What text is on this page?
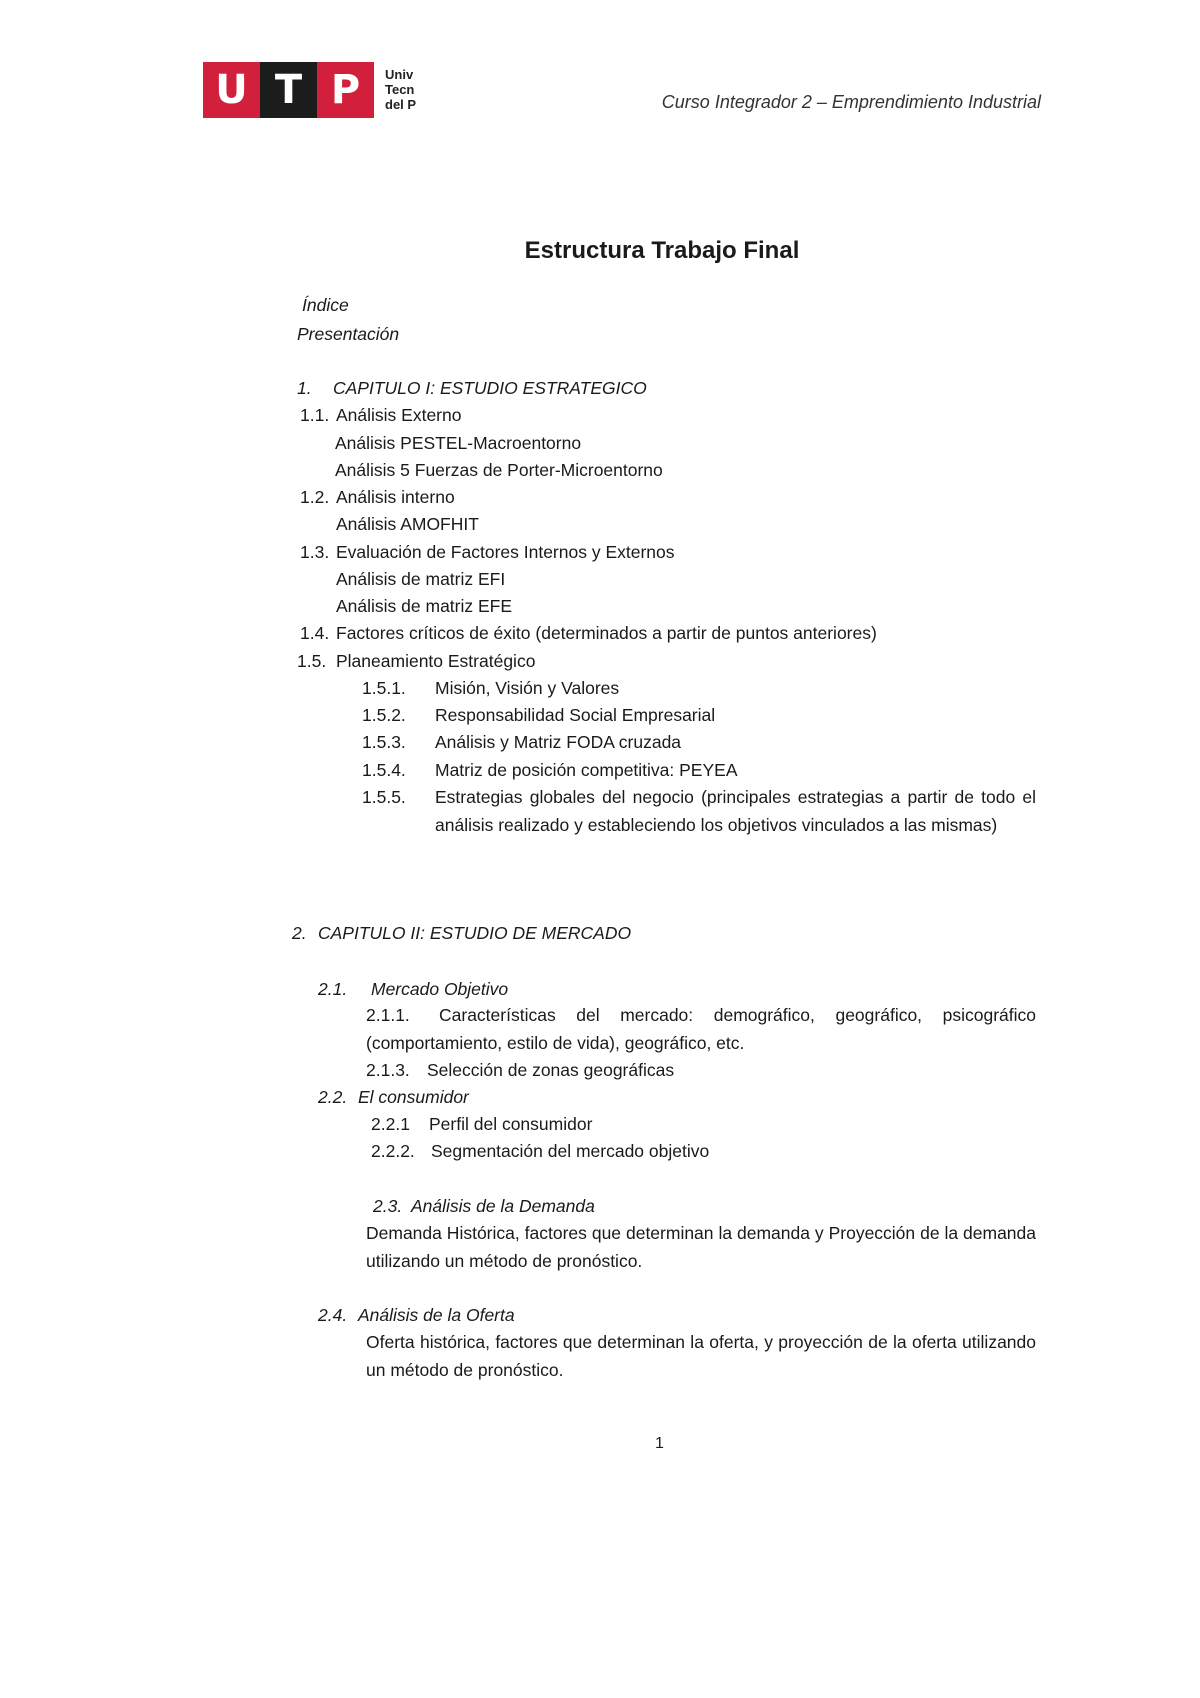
U T P	Univ
Tecn
del P	Curso Integrador 2 – Emprendimiento Industrial
Estructura Trabajo Final
Índice
Presentación
1. CAPITULO I: ESTUDIO ESTRATEGICO
1.1. Análisis Externo
Análisis PESTEL-Macroentorno
Análisis 5 Fuerzas de Porter-Microentorno
1.2. Análisis interno
Análisis AMOFHIT
1.3. Evaluación de Factores Internos y Externos
Análisis de matriz EFI
Análisis de matriz EFE
1.4. Factores críticos de éxito (determinados a partir de puntos anteriores)
1.5. Planeamiento Estratégico
1.5.1. Misión, Visión y Valores
1.5.2. Responsabilidad Social Empresarial
1.5.3. Análisis y Matriz FODA cruzada
1.5.4. Matriz de posición competitiva: PEYEA
1.5.5. Estrategias globales del negocio (principales estrategias a partir de todo el análisis realizado y estableciendo los objetivos vinculados a las mismas)
2. CAPITULO II: ESTUDIO DE MERCADO
2.1. Mercado Objetivo
2.1.1.	Características del mercado: demográfico, geográfico, psicográfico (comportamiento, estilo de vida), geográfico, etc.
2.1.3. Selección de zonas geográficas
2.2. El consumidor
2.2.1 Perfil del consumidor
2.2.2. Segmentación del mercado objetivo
2.3. Análisis de la Demanda
Demanda Histórica, factores que determinan la demanda y Proyección de la demanda utilizando un método de pronóstico.
2.4. Análisis de la Oferta
Oferta histórica, factores que determinan la oferta, y proyección de la oferta utilizando un método de pronóstico.
1
